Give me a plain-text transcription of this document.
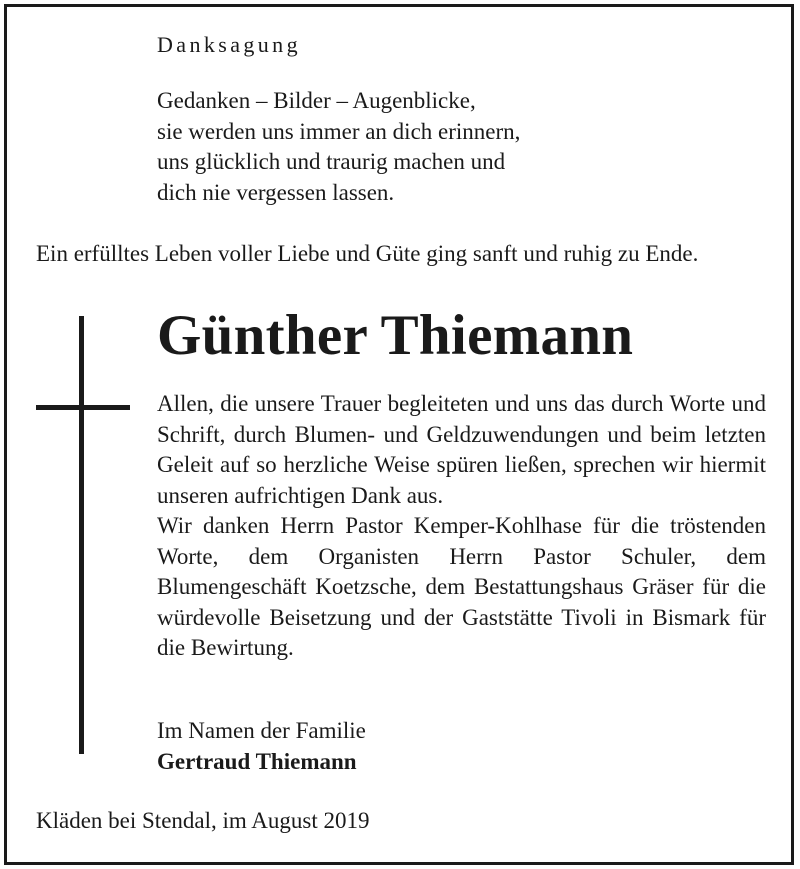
Danksagung
Gedanken – Bilder – Augenblicke,
sie werden uns immer an dich erinnern,
uns glücklich und traurig machen und
dich nie vergessen lassen.
Ein erfülltes Leben voller Liebe und Güte ging sanft und ruhig zu Ende.
Günther Thiemann

Allen, die unsere Trauer begleiteten und uns das durch Worte und Schrift, durch Blumen- und Geldzuwendungen und beim letzten Geleit auf so herzliche Weise spüren ließen, sprechen wir hiermit unseren aufrichtigen Dank aus.

Wir danken Herrn Pastor Kemper-Kohlhase für die tröstenden Worte, dem Organisten Herrn Pastor Schuler, dem Blumengeschäft Koetzsche, dem Bestattungshaus Gräser für die würdevolle Beisetzung und der Gaststätte Tivoli in Bismark für die Bewirtung.

Im Namen der Familie
Gertraud Thiemann
Kläden bei Stendal, im August 2019
